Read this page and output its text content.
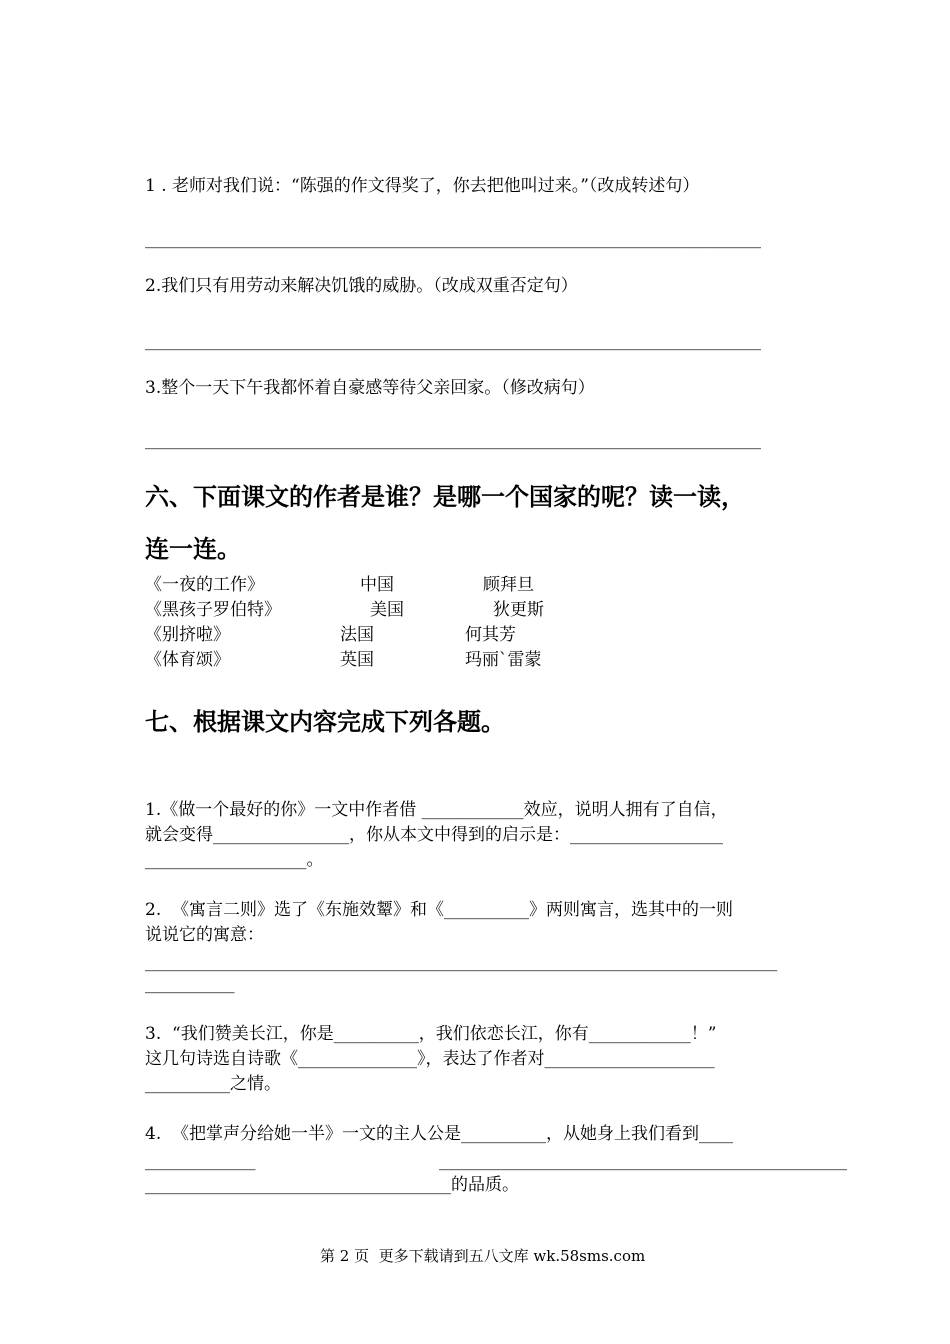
1 . 老师对我们说：“陈强的作文得奖了，你去把他叫过来。”（改成转述句）
____________________________________________________________________________
2.我们只有用劳动来解决饥饿的威胁。（改成双重否定句）
____________________________________________________________________________
3.整个一天下午我都怀着自豪感等待父亲回家。（修改病句）
____________________________________________________________________________
六、下面课文的作者是谁？是哪一个国家的呢？读一读，
连一连。
《一夜的工作》	中国	顾拜旦
《黑孩子罗伯特》	美国	狄更斯
《别挤啦》	法国	何其芳
《体育颂》	英国	玛丽`雷蒙
七、根据课文内容完成下列各题。
1.《做一个最好的你》一文中作者借 ____________效应，说明人拥有了自信，
就会变得________________，你从本文中得到的启示是：__________________
___________________。
2.  《寓言二则》选了《东施效颦》和《__________》两则寓言，选其中的一则
说说它的寓意：
______________________________________________________________________________
___________
3.  “我们赞美长江，你是__________，我们依恋长江，你有____________！”
这几句诗选自诗歌《______________》，表达了作者对____________________
__________之情。
4.  《把掌声分给她一半》一文的主人公是__________，从她身上我们看到____
_____________	________________________________________________
____________________________________的品质。
第 2 页  更多下载请到五八文库 wk.58sms.com
